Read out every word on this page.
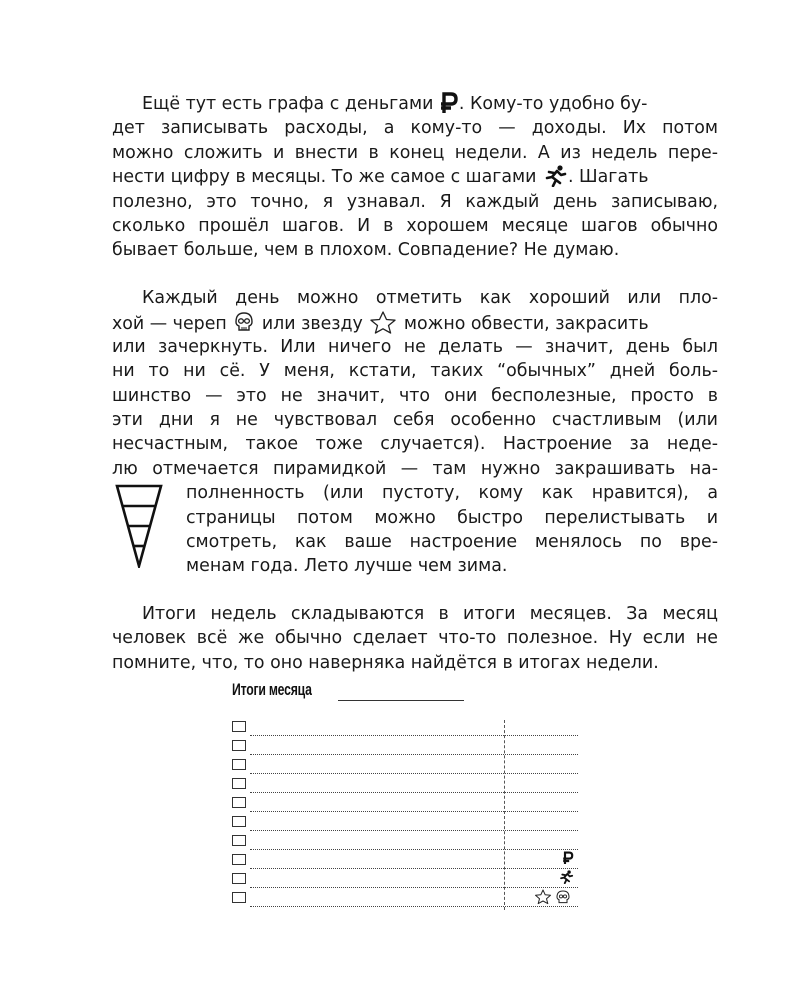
Ещё тут есть графа с деньгами . Кому-то удобно бу-
дет записывать расходы, а кому-то — доходы. Их потом
можно сложить и внести в конец недели. А из недель пере-
нести цифру в месяцы. То же самое с шагами . Шагать
полезно, это точно, я узнавал. Я каждый день записываю,
сколько прошёл шагов. И в хорошем месяце шагов обычно
бывает больше, чем в плохом. Совпадение? Не думаю.
Каждый день можно отметить как хороший или пло-
хой — череп или звезду можно обвести, закрасить
или зачеркнуть. Или ничего не делать — значит, день был
ни то ни сё. У меня, кстати, таких “обычных” дней боль-
шинство — это не значит, что они бесполезные, просто в
эти дни я не чувствовал себя особенно счастливым (или
несчастным, такое тоже случается). Настроение за неде-
лю отмечается пирамидкой — там нужно закрашивать на-
полненность (или пустоту, кому как нравится), а
страницы потом можно быстро перелистывать и
смотреть, как ваше настроение менялось по вре-
менам года. Лето лучше чем зима.
Итоги недель складываются в итоги месяцев. За месяц
человек всё же обычно сделает что-то полезное. Ну если не
помните, что, то оно наверняка найдётся в итогах недели.
Итоги месяца
